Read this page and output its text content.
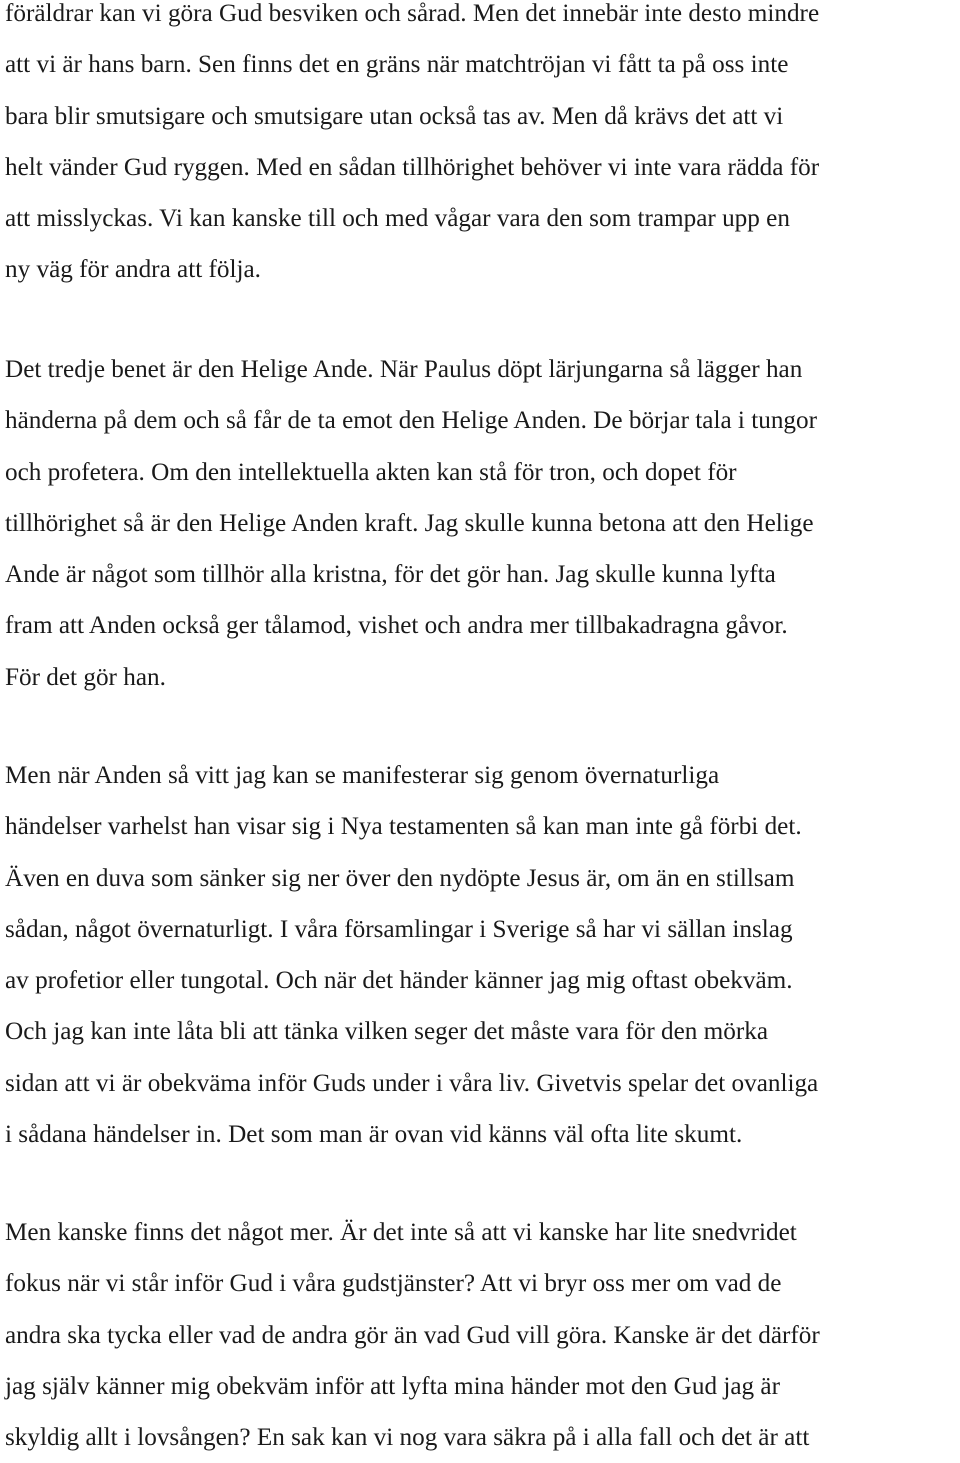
föräldrar kan vi göra Gud besviken och sårad. Men det innebär inte desto mindre
att vi är hans barn. Sen finns det en gräns när matchtröjan vi fått ta på oss inte
bara blir smutsigare och smutsigare utan också tas av. Men då krävs det att vi
helt vänder Gud ryggen. Med en sådan tillhörighet behöver vi inte vara rädda för
att misslyckas. Vi kan kanske till och med vågar vara den som trampar upp en
ny väg för andra att följa.
Det tredje benet är den Helige Ande. När Paulus döpt lärjungarna så lägger han
händerna på dem och så får de ta emot den Helige Anden. De börjar tala i tungor
och profetera. Om den intellektuella akten kan stå för tron, och dopet för
tillhörighet så är den Helige Anden kraft. Jag skulle kunna betona att den Helige
Ande är något som tillhör alla kristna, för det gör han. Jag skulle kunna lyfta
fram att Anden också ger tålamod, vishet och andra mer tillbakadragna gåvor.
För det gör han.
Men när Anden så vitt jag kan se manifesterar sig genom övernaturliga
händelser varhelst han visar sig i Nya testamenten så kan man inte gå förbi det.
Även en duva som sänker sig ner över den nydöpte Jesus är, om än en stillsam
sådan, något övernaturligt. I våra församlingar i Sverige så har vi sällan inslag
av profetior eller tungotal. Och när det händer känner jag mig oftast obekväm.
Och jag kan inte låta bli att tänka vilken seger det måste vara för den mörka
sidan att vi är obekväma inför Guds under i våra liv. Givetvis spelar det ovanliga
i sådana händelser in. Det som man är ovan vid känns väl ofta lite skumt.
Men kanske finns det något mer. Är det inte så att vi kanske har lite snedvridet
fokus när vi står inför Gud i våra gudstjänster? Att vi bryr oss mer om vad de
andra ska tycka eller vad de andra gör än vad Gud vill göra. Kanske är det därför
jag själv känner mig obekväm inför att lyfta mina händer mot den Gud jag är
skyldig allt i lovsången? En sak kan vi nog vara säkra på i alla fall och det är att
